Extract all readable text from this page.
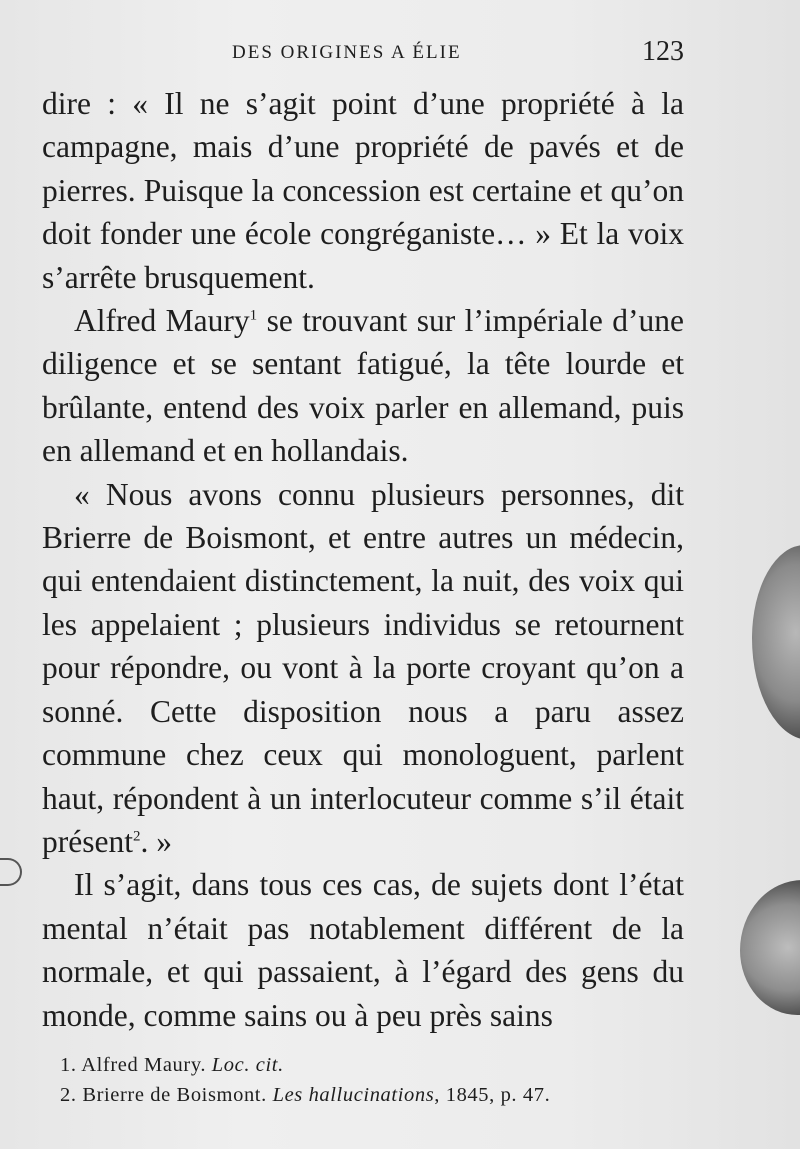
DES ORIGINES A ÉLIE	123

dire : « Il ne s’agit point d’une propriété à la campagne, mais d’une propriété de pavés et de pierres. Puisque la concession est certaine et qu’on doit fonder une école congréganiste… » Et la voix s’arrête brusquement.

Alfred Maury$^1$ se trouvant sur l’impériale d’une diligence et se sentant fatigué, la tête lourde et brûlante, entend des voix parler en allemand, puis en allemand et en hollandais.

« Nous avons connu plusieurs personnes, dit Brierre de Boismont, et entre autres un médecin, qui entendaient distinctement, la nuit, des voix qui les appelaient ; plusieurs individus se retournent pour répondre, ou vont à la porte croyant qu’on a sonné. Cette disposition nous a paru assez commune chez ceux qui monologuent, parlent haut, répondent à un interlocuteur comme s’il était présent$^2$. »

Il s’agit, dans tous ces cas, de sujets dont l’état mental n’était pas notablement différent de la normale, et qui passaient, à l’égard des gens du monde, comme sains ou à peu près sains

1. Alfred Maury. Loc. cit.

2. Brierre de Boismont. Les hallucinations, 1845, p. 47.
